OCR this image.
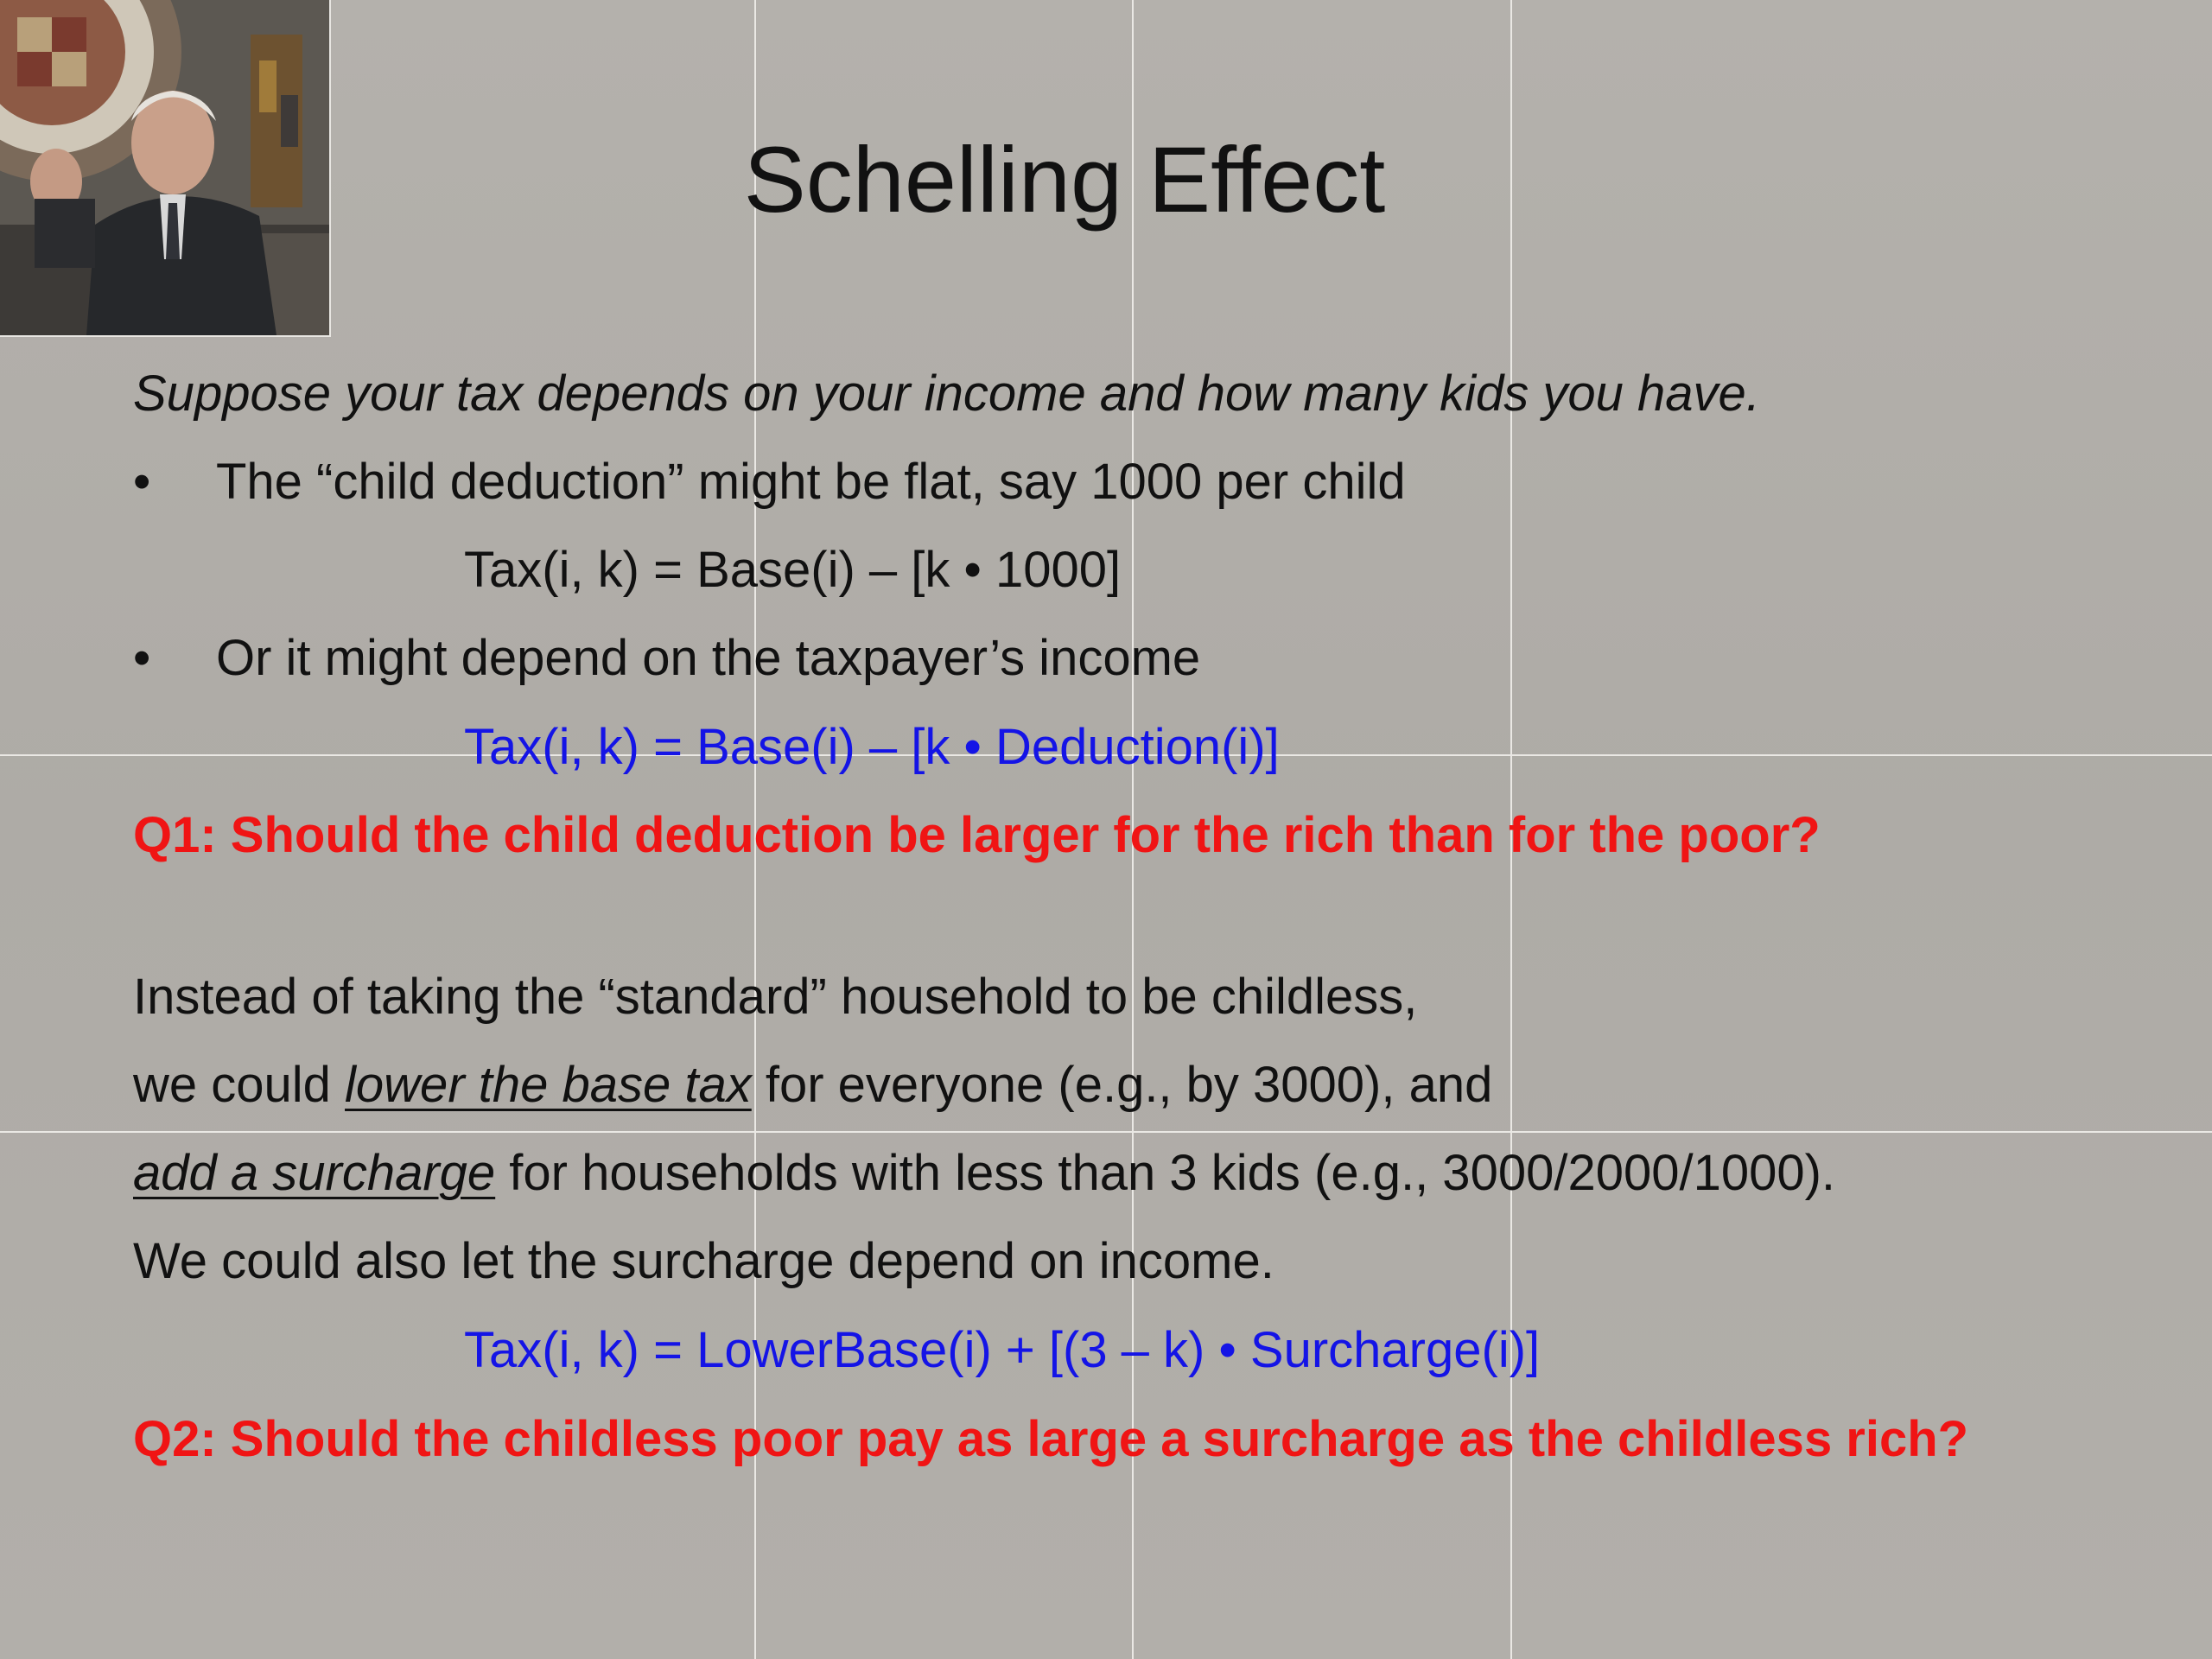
Schelling Effect
Suppose your tax depends on your income and how many kids you have.
• The “child deduction” might be flat, say 1000 per child
Tax(i, k) = Base(i) – [k • 1000]
• Or it might depend on the taxpayer’s income
Tax(i, k) = Base(i) – [k • Deduction(i)]
Q1: Should the child deduction be larger for the rich than for the poor?
Instead of taking the “standard” household to be childless,
we could lower the base tax for everyone (e.g., by 3000), and
add a surcharge for households with less than 3 kids (e.g., 3000/2000/1000).
We could also let the surcharge depend on income.
Tax(i, k) = LowerBase(i) + [(3 – k) • Surcharge(i)]
Q2: Should the childless poor pay as large a surcharge as the childless rich?
